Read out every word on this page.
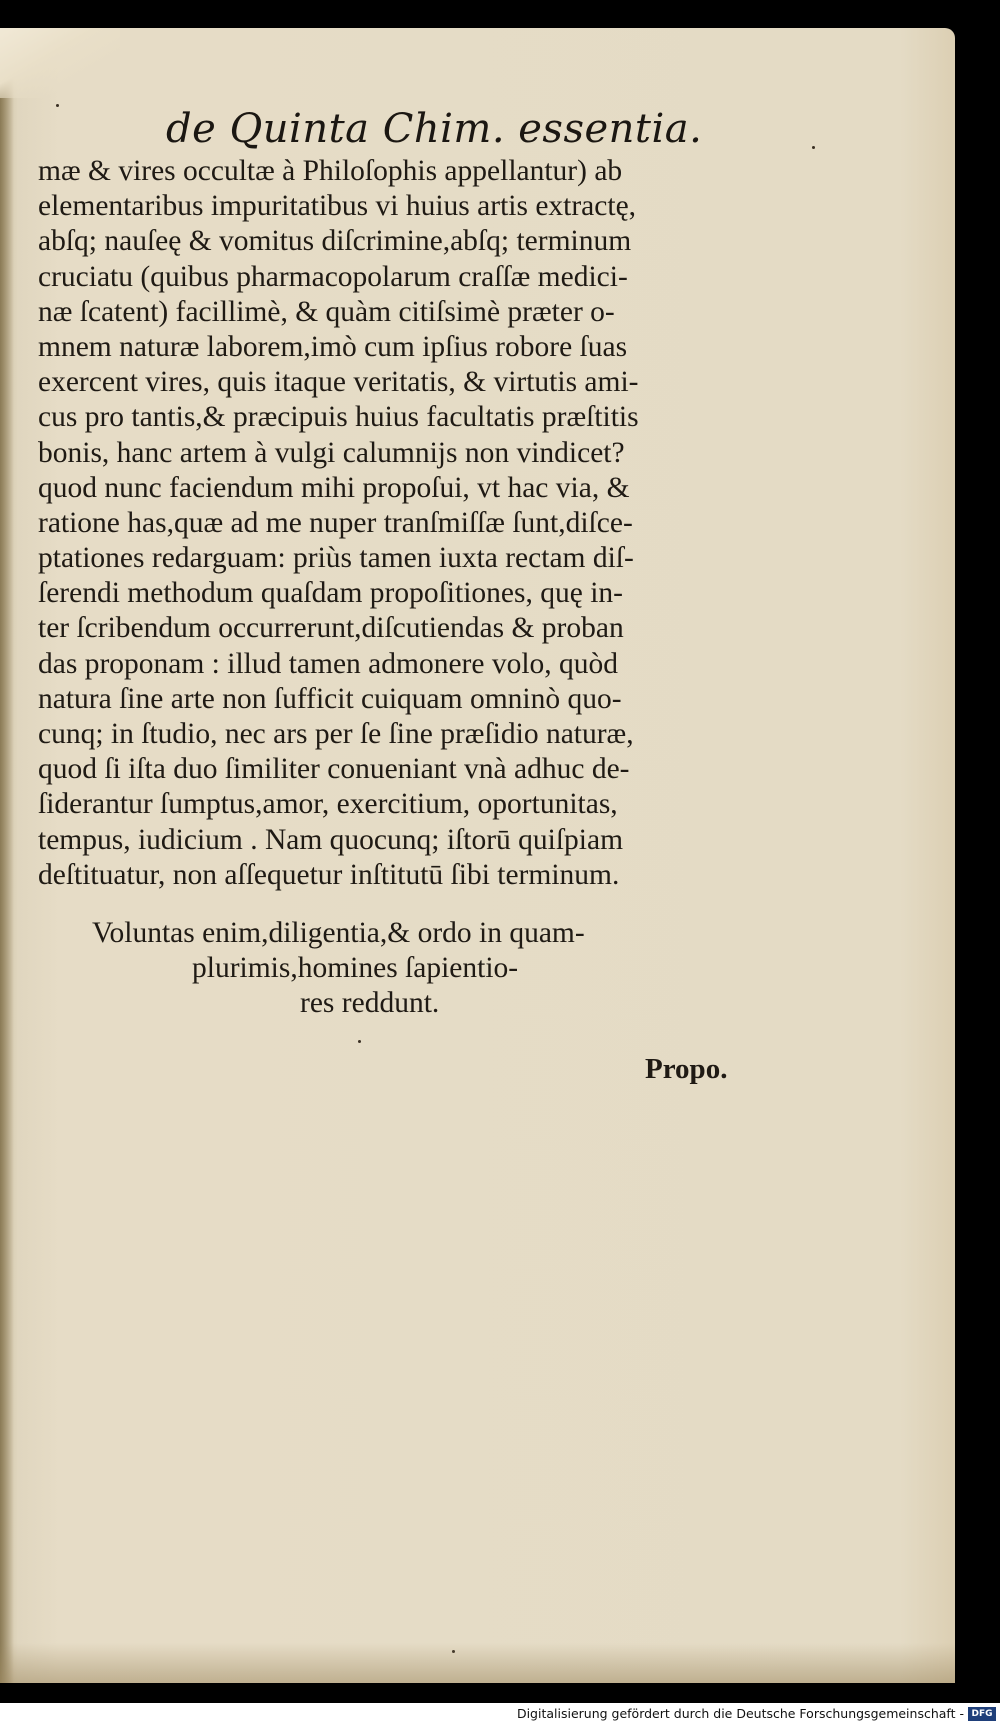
de Quinta Chim. essentia.
mæ & vires occultæ à Philoſophis appellantur) ab
elementaribus impuritatibus vi huius artis extractę,
abſq; nauſeę & vomitus diſcrimine,abſq; terminum
cruciatu (quibus pharmacopolarum craſſæ medici-
næ ſcatent) facillimè, & quàm citiſsimè præter o-
mnem naturæ laborem,imò cum ipſius robore ſuas
exercent vires, quis itaque veritatis, & virtutis ami-
cus pro tantis,& præcipuis huius facultatis præſtitis
bonis, hanc artem à vulgi calumnijs non vindicet?
quod nunc faciendum mihi propoſui, vt hac via, &
ratione has,quæ ad me nuper tranſmiſſæ ſunt,diſce-
ptationes redarguam: priùs tamen iuxta rectam diſ-
ſerendi methodum quaſdam propoſitiones, quę in-
ter ſcribendum occurrerunt,diſcutiendas & proban
das proponam : illud tamen admonere volo, quòd
natura ſine arte non ſufficit cuiquam omninò quo-
cunq; in ſtudio, nec ars per ſe ſine præſidio naturæ,
quod ſi iſta duo ſimiliter conueniant vnà adhuc de-
ſiderantur ſumptus,amor, exercitium, oportunitas,
tempus, iudicium . Nam quocunq; iſtorū quiſpiam
deſtituatur, non aſſequetur inſtitutū ſibi terminum.
Voluntas enim,diligentia,& ordo in quam-
plurimis,homines ſapientio-
res reddunt.
Propo.
Digitalisierung gefördert durch die Deutsche Forschungsgemeinschaft - DFG
